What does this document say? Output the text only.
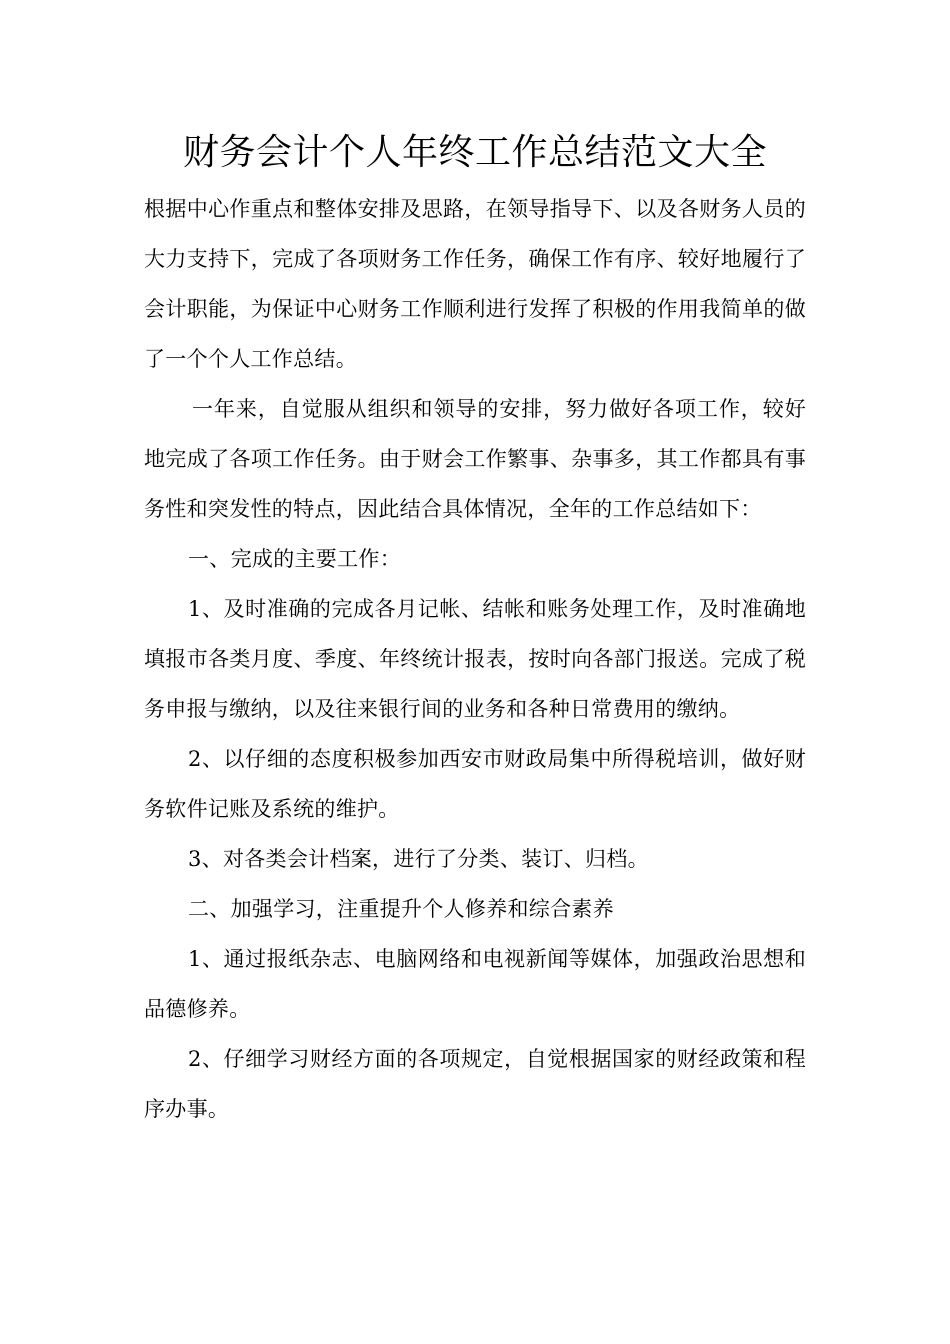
财务会计个人年终工作总结范文大全

根据中心作重点和整体安排及思路，在领导指导下、以及各财务人员的大力支持下，完成了各项财务工作任务，确保工作有序、较好地履行了会计职能，为保证中心财务工作顺利进行发挥了积极的作用我简单的做了一个个人工作总结。

一年来，自觉服从组织和领导的安排，努力做好各项工作，较好地完成了各项工作任务。由于财会工作繁事、杂事多，其工作都具有事务性和突发性的特点，因此结合具体情况，全年的工作总结如下：

一、完成的主要工作：

1、及时准确的完成各月记帐、结帐和账务处理工作，及时准确地填报市各类月度、季度、年终统计报表，按时向各部门报送。完成了税务申报与缴纳，以及往来银行间的业务和各种日常费用的缴纳。

2、以仔细的态度积极参加西安市财政局集中所得税培训，做好财务软件记账及系统的维护。

3、对各类会计档案，进行了分类、装订、归档。

二、加强学习，注重提升个人修养和综合素养

1、通过报纸杂志、电脑网络和电视新闻等媒体，加强政治思想和品德修养。

2、仔细学习财经方面的各项规定，自觉根据国家的财经政策和程序办事。
